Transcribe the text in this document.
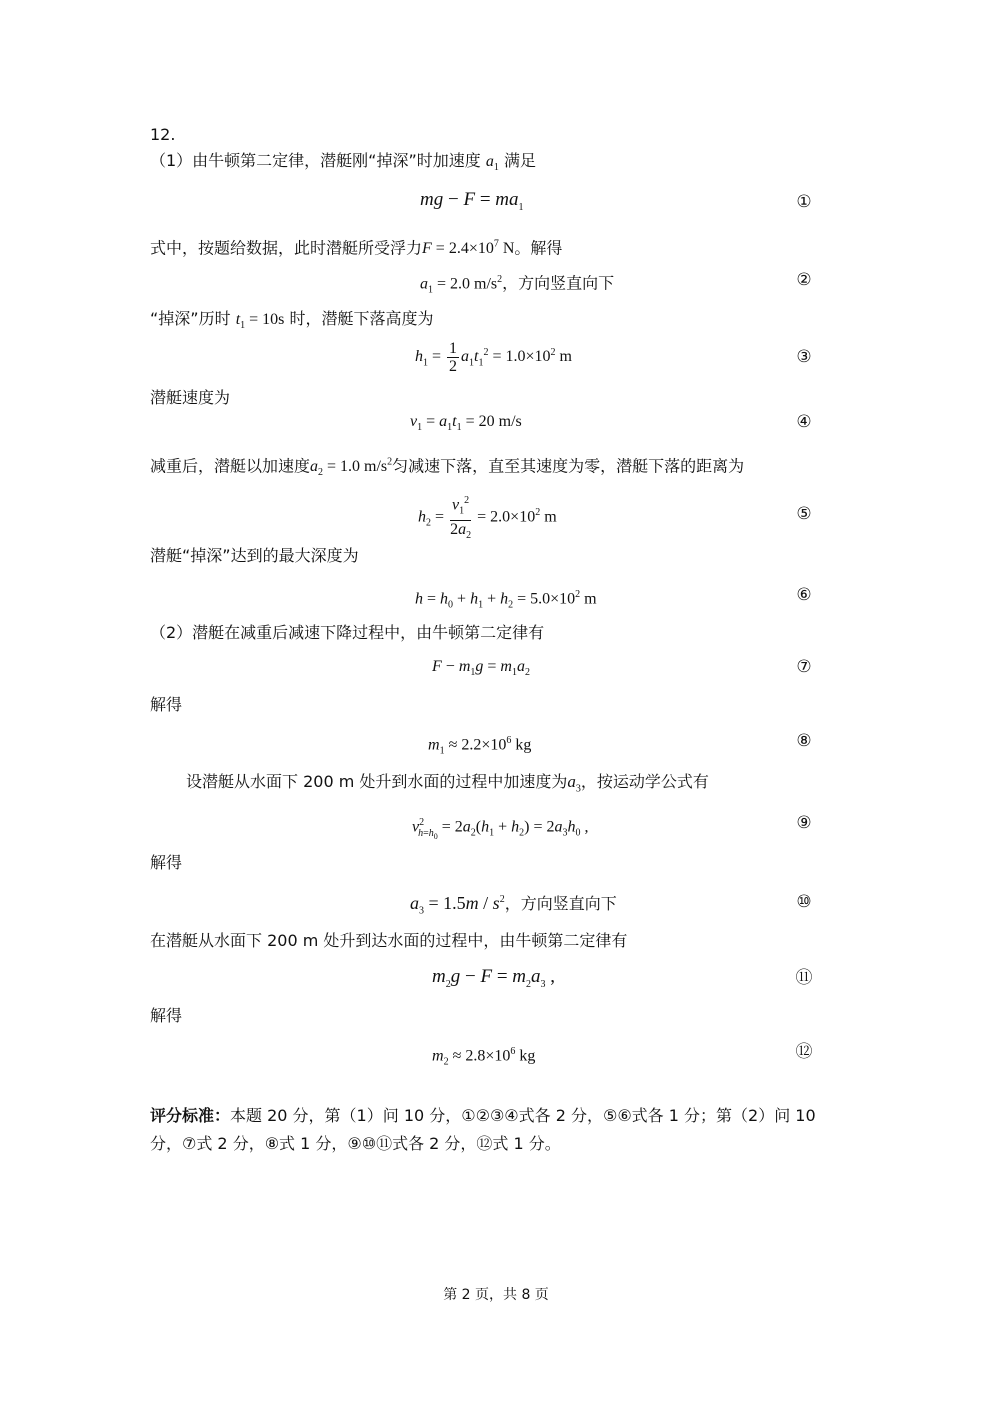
12.
（1）由牛顿第二定律，潜艇刚“掉深”时加速度 $a_1$ 满足
mg − $F = ma_1$	①
式中，按题给数据，此时潜艇所受浮力$F = 2.4\times 10^7$ N。解得
$a_1 = 2.0$ $m/s^2$，方向竖直向下	②
“掉深”历时 $t_1 = 10s$ 时，潜艇下落高度为
$h_1 = \frac{1}{2} a_1t_1^2 = 1.0\times 10^2$ m	③
潜艇速度为
$v_1 = a_1t_1 = 20$ m/s	④
减重后，潜艇以加速度$a_2 = 1.0$ $m/s^2$匀减速下落，直至其速度为零，潜艇下落的距离为
$h_2 = \frac{v_1^2}{2a_2} = 2.0\times 10^2$ m	⑤
潜艇“掉深”达到的最大深度为
$h = h_0 + h_1 + h_2 = 5.0\times 10^2$ m	⑥
（2）潜艇在减重后减速下降过程中，由牛顿第二定律有
$F - m_1g = m_1a_2$	⑦
解得
$m_1 \approx 2.2\times 10^6$ kg	⑧
设潜艇从水面下 200 m 处升到水面的过程中加速度为$a_3$，按运动学公式有
$v^2_{h=h_0} = 2a_2(h_1 + h_2) = 2a_3h_0$ ,	⑨
解得
$a_3 = 1.5m / s^2$，方向竖直向下	⑩
在潜艇从水面下 200 m 处升到达水面的过程中，由牛顿第二定律有
$m_2g - F = m_2a_3$ ,	⑪
解得
$m_2 \approx 2.8\times 10^6$ kg	⑫
评分标准：本题 20 分，第（1）问 10 分，①②③④式各 2 分，⑤⑥式各 1 分；第（2）问 10 分，⑦式 2 分，⑧式 1 分，⑨⑩⑪式各 2 分，⑫式 1 分。
第 2 页，共 8 页
